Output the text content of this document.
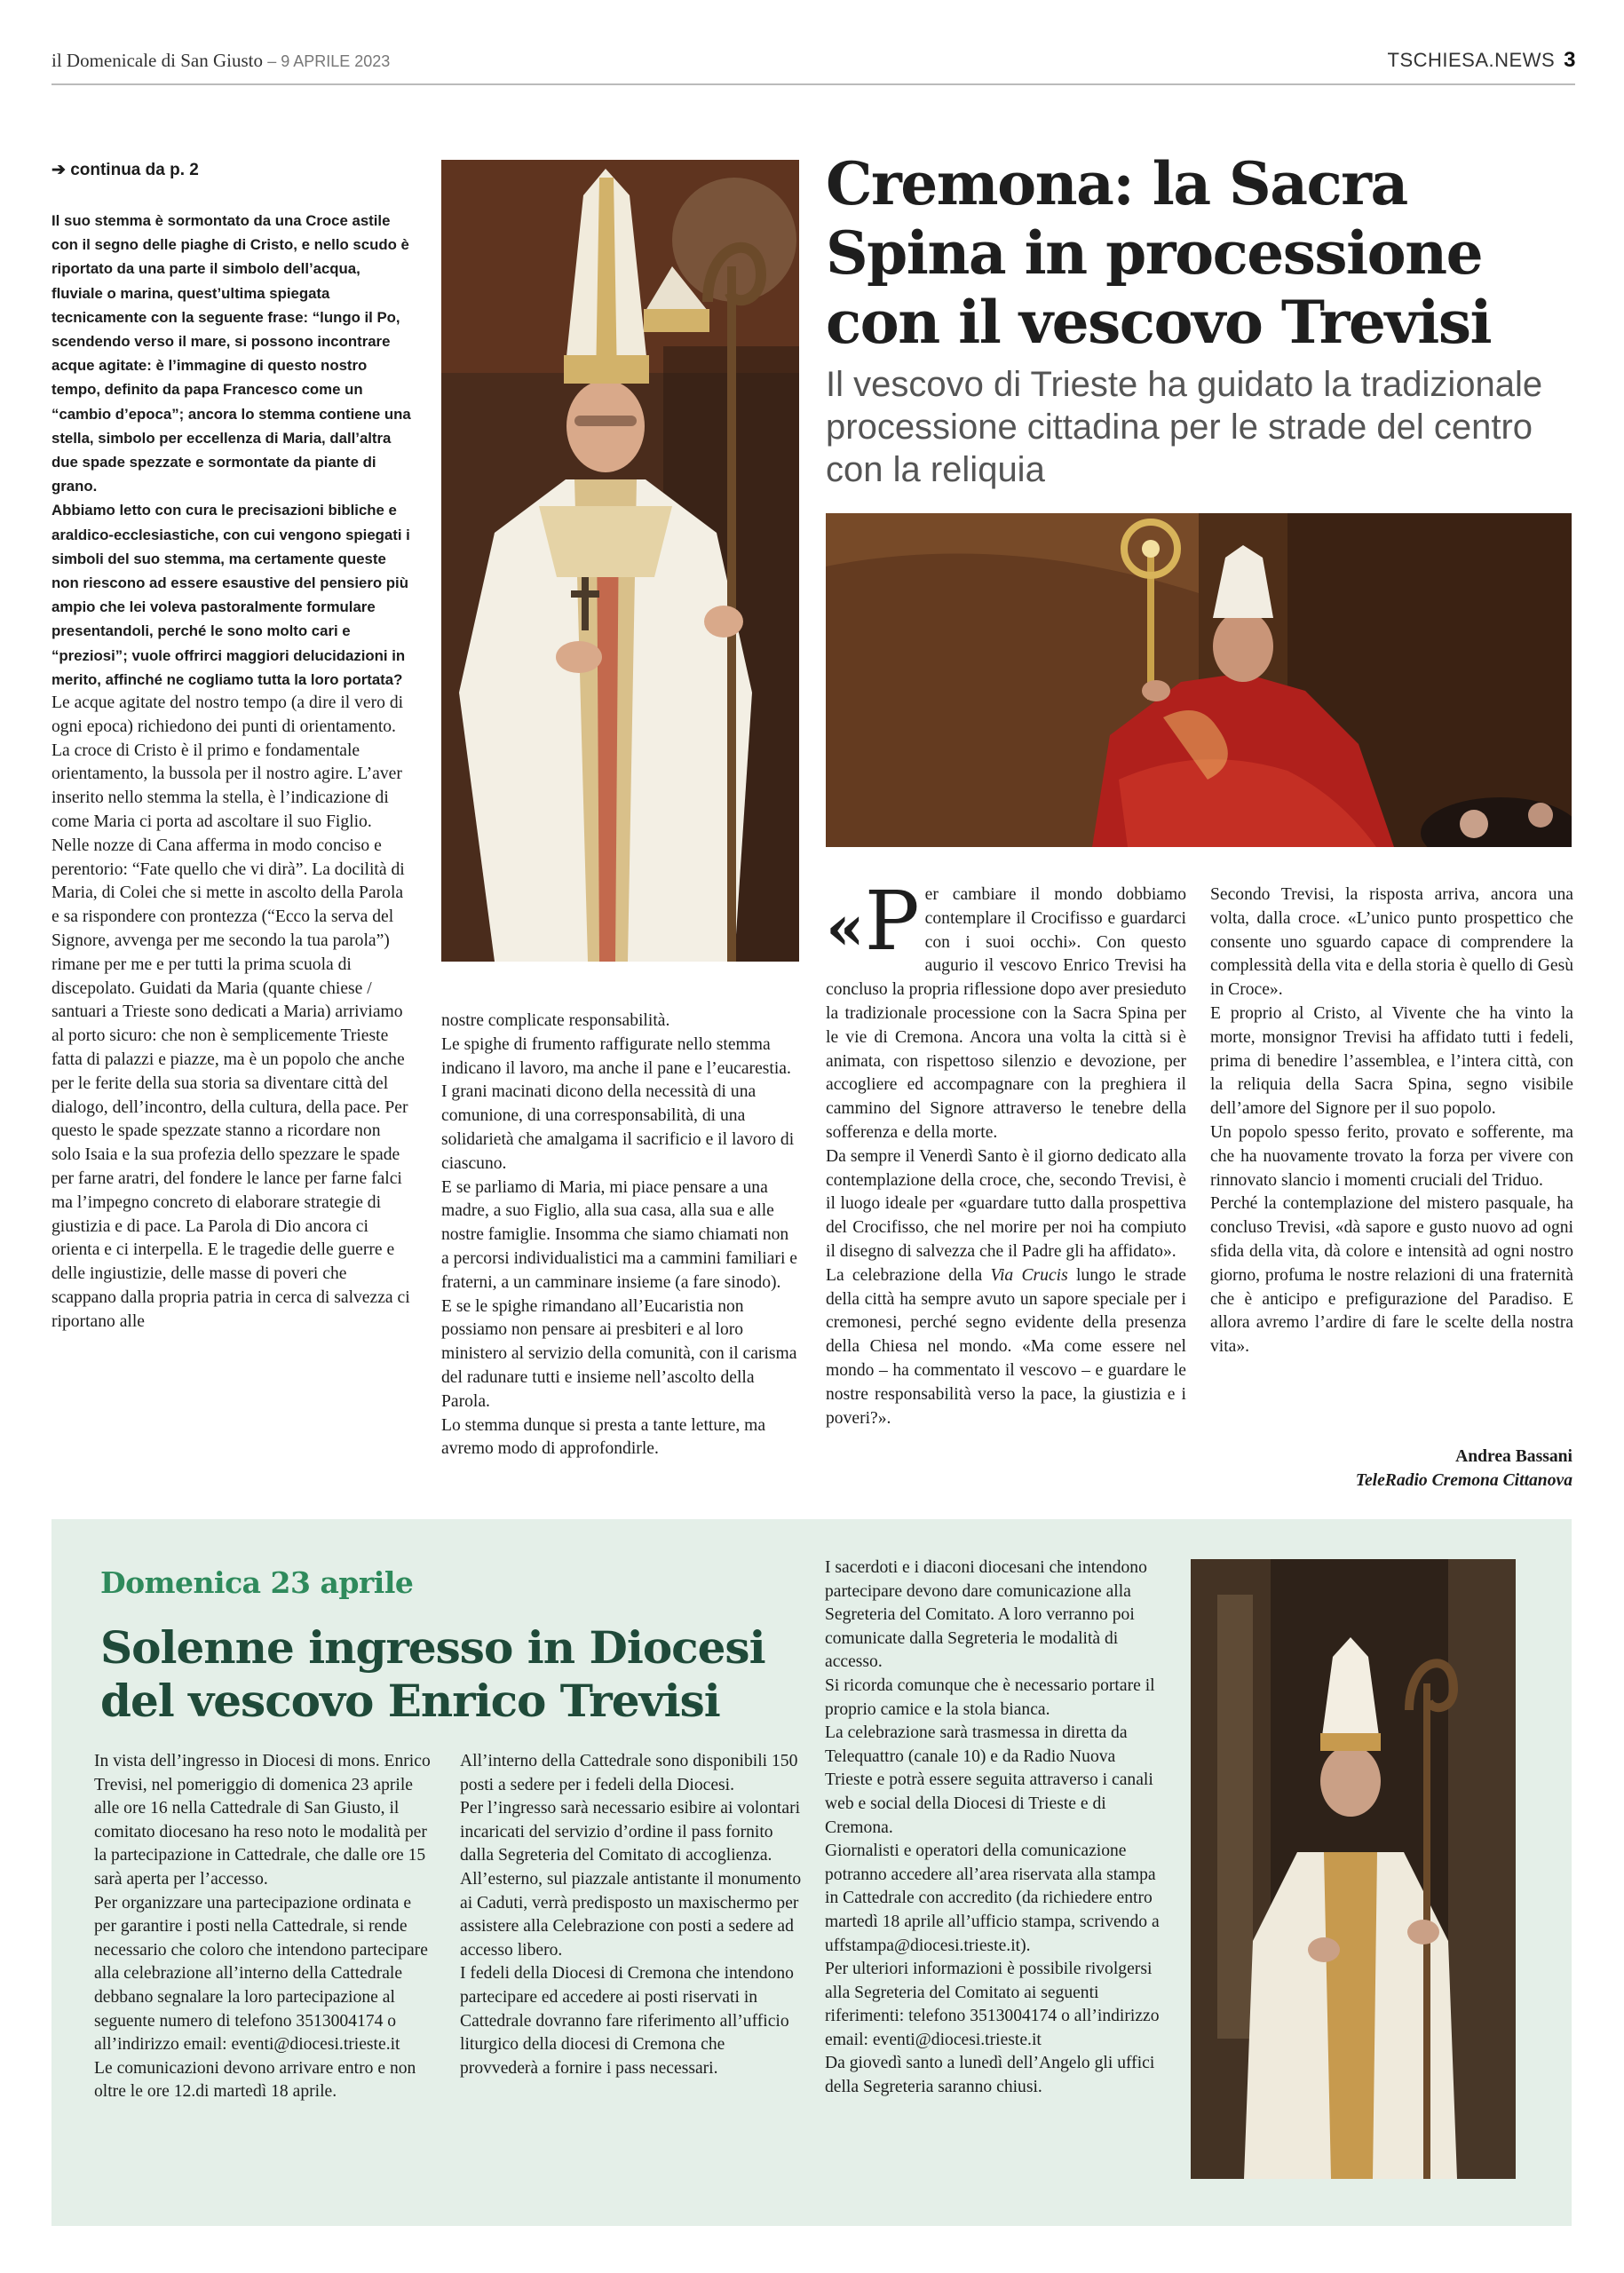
il Domenicale di San Giusto – 9 APRILE 2023	TSCHIESA.NEWS 3
➔ continua da p. 2

Il suo stemma è sormontato da una Croce astile con il segno delle piaghe di Cristo, e nello scudo è riportato da una parte il simbolo dell’acqua, fluviale o marina, quest’ultima spiegata tecnicamente con la seguente frase: “lungo il Po, scendendo verso il mare, si possono incontrare acque agitate: è l’immagine di questo nostro tempo, definito da papa Francesco come un “cambio d’epoca”; ancora lo stemma contiene una stella, simbolo per eccellenza di Maria, dall’altra due spade spezzate e sormontate da piante di grano.

Abbiamo letto con cura le precisazioni bibliche e araldico-ecclesiastiche, con cui vengono spiegati i simboli del suo stemma, ma certamente queste non riescono ad essere esaustive del pensiero più ampio che lei voleva pastoralmente formulare presentandoli, perché le sono molto cari e “preziosi”; vuole offrirci maggiori delucidazioni in merito, affinché ne cogliamo tutta la loro portata?

Le acque agitate del nostro tempo (a dire il vero di ogni epoca) richiedono dei punti di orientamento. La croce di Cristo è il primo e fondamentale orientamento, la bussola per il nostro agire. L’aver inserito nello stemma la stella, è l’indicazione di come Maria ci porta ad ascoltare il suo Figlio. Nelle nozze di Cana afferma in modo conciso e perentorio: “Fate quello che vi dirà”. La docilità di Maria, di Colei che si mette in ascolto della Parola e sa rispondere con prontezza (“Ecco la serva del Signore, avvenga per me secondo la tua parola”) rimane per me e per tutti la prima scuola di discepolato. Guidati da Maria (quante chiese / santuari a Trieste sono dedicati a Maria) arriviamo al porto sicuro: che non è semplicemente Trieste fatta di palazzi e piazze, ma è un popolo che anche per le ferite della sua storia sa diventare città del dialogo, dell’incontro, della cultura, della pace. Per questo le spade spezzate stanno a ricordare non solo Isaia e la sua profezia dello spezzare le spade per farne aratri, del fondere le lance per farne falci ma l’impegno concreto di elaborare strategie di giustizia e di pace. La Parola di Dio ancora ci orienta e ci interpella. E le tragedie delle guerre e delle ingiustizie, delle masse di poveri che scappano dalla propria patria in cerca di salvezza ci riportano alle

nostre complicate responsabilità.

Le spighe di frumento raffigurate nello stemma indicano il lavoro, ma anche il pane e l’eucarestia. I grani macinati dicono della necessità di una comunione, di una corresponsabilità, di una solidarietà che amalgama il sacrificio e il lavoro di ciascuno.

E se parliamo di Maria, mi piace pensare a una madre, a suo Figlio, alla sua casa, alla sua e alle nostre famiglie. Insomma che siamo chiamati non a percorsi individualistici ma a cammini familiari e fraterni, a un camminare insieme (a fare sinodo).

E se le spighe rimandano all’Eucaristia non possiamo non pensare ai presbiteri e al loro ministero al servizio della comunità, con il carisma del radunare tutti e insieme nell’ascolto della Parola.

Lo stemma dunque si presta a tante letture, ma avremo modo di approfondirle.

Cremona: la Sacra Spina in processione con il vescovo Trevisi
Il vescovo di Trieste ha guidato la tradizionale processione cittadina per le strade del centro con la reliquia
« P er cambiare il mondo dobbiamo contemplare il Crocifisso e guardarci con i suoi occhi». Con questo augurio il vescovo Enrico Trevisi ha concluso la propria riflessione dopo aver presieduto la tradizionale processione con la Sacra Spina per le vie di Cremona. Ancora una volta la città si è animata, con rispettoso silenzio e devozione, per accogliere ed accompagnare con la preghiera il cammino del Signore attraverso le tenebre della sofferenza e della morte.

Da sempre il Venerdì Santo è il giorno dedicato alla contemplazione della croce, che, secondo Trevisi, è il luogo ideale per «guardare tutto dalla prospettiva del Crocifisso, che nel morire per noi ha compiuto il disegno di salvezza che il Padre gli ha affidato».

La celebrazione della Via Crucis lungo le strade della città ha sempre avuto un sapore speciale per i cremonesi, perché segno evidente della presenza della Chiesa nel mondo. «Ma come essere nel mondo – ha commentato il vescovo – e guardare le nostre responsabilità verso la pace, la giustizia e i poveri?».

Secondo Trevisi, la risposta arriva, ancora una volta, dalla croce. «L’unico punto prospettico che consente uno sguardo capace di comprendere la complessità della vita e della storia è quello di Gesù in Croce».

E proprio al Cristo, al Vivente che ha vinto la morte, monsignor Trevisi ha affidato tutti i fedeli, prima di benedire l’assemblea, e l’intera città, con la reliquia della Sacra Spina, segno visibile dell’amore del Signore per il suo popolo.

Un popolo spesso ferito, provato e sofferente, ma che ha nuovamente trovato la forza per vivere con rinnovato slancio i momenti cruciali del Triduo.

Perché la contemplazione del mistero pasquale, ha concluso Trevisi, «dà sapore e gusto nuovo ad ogni sfida della vita, dà colore e intensità ad ogni nostro giorno, profuma le nostre relazioni di una fraternità che è anticipo e prefigurazione del Paradiso. E allora avremo l’ardire di fare le scelte della nostra vita».

Andrea Bassani
TeleRadio Cremona Cittanova
Domenica 23 aprile
Solenne ingresso in Diocesi del vescovo Enrico Trevisi

In vista dell’ingresso in Diocesi di mons. Enrico Trevisi, nel pomeriggio di domenica 23 aprile alle ore 16 nella Cattedrale di San Giusto, il comitato diocesano ha reso noto le modalità per la partecipazione in Cattedrale, che dalle ore 15 sarà aperta per l’accesso.

Per organizzare una partecipazione ordinata e per garantire i posti nella Cattedrale, si rende necessario che coloro che intendono partecipare alla celebrazione all’interno della Cattedrale debbano segnalare la loro partecipazione al seguente numero di telefono 3513004174 o all’indirizzo email: eventi@diocesi.trieste.it

Le comunicazioni devono arrivare entro e non oltre le ore 12.di martedì 18 aprile.

All’interno della Cattedrale sono disponibili 150 posti a sedere per i fedeli della Diocesi.

Per l’ingresso sarà necessario esibire ai volontari incaricati del servizio d’ordine il pass fornito dalla Segreteria del Comitato di accoglienza.

All’esterno, sul piazzale antistante il monumento ai Caduti, verrà predisposto un maxischermo per assistere alla Celebrazione con posti a sedere ad accesso libero.

I fedeli della Diocesi di Cremona che intendono partecipare ed accedere ai posti riservati in Cattedrale dovranno fare riferimento all’ufficio liturgico della diocesi di Cremona che provvederà a fornire i pass necessari.

I sacerdoti e i diaconi diocesani che intendono partecipare devono dare comunicazione alla Segreteria del Comitato. A loro verranno poi comunicate dalla Segreteria le modalità di accesso.

Si ricorda comunque che è necessario portare il proprio camice e la stola bianca.

La celebrazione sarà trasmessa in diretta da Telequattro (canale 10) e da Radio Nuova Trieste e potrà essere seguita attraverso i canali web e social della Diocesi di Trieste e di Cremona.

Giornalisti e operatori della comunicazione potranno accedere all’area riservata alla stampa in Cattedrale con accredito (da richiedere entro martedì 18 aprile all’ufficio stampa, scrivendo a uffstampa@diocesi.trieste.it).

Per ulteriori informazioni è possibile rivolgersi alla Segreteria del Comitato ai seguenti riferimenti: telefono 3513004174 o all’indirizzo email: eventi@diocesi.trieste.it

Da giovedì santo a lunedì dell’Angelo gli uffici della Segreteria saranno chiusi.
